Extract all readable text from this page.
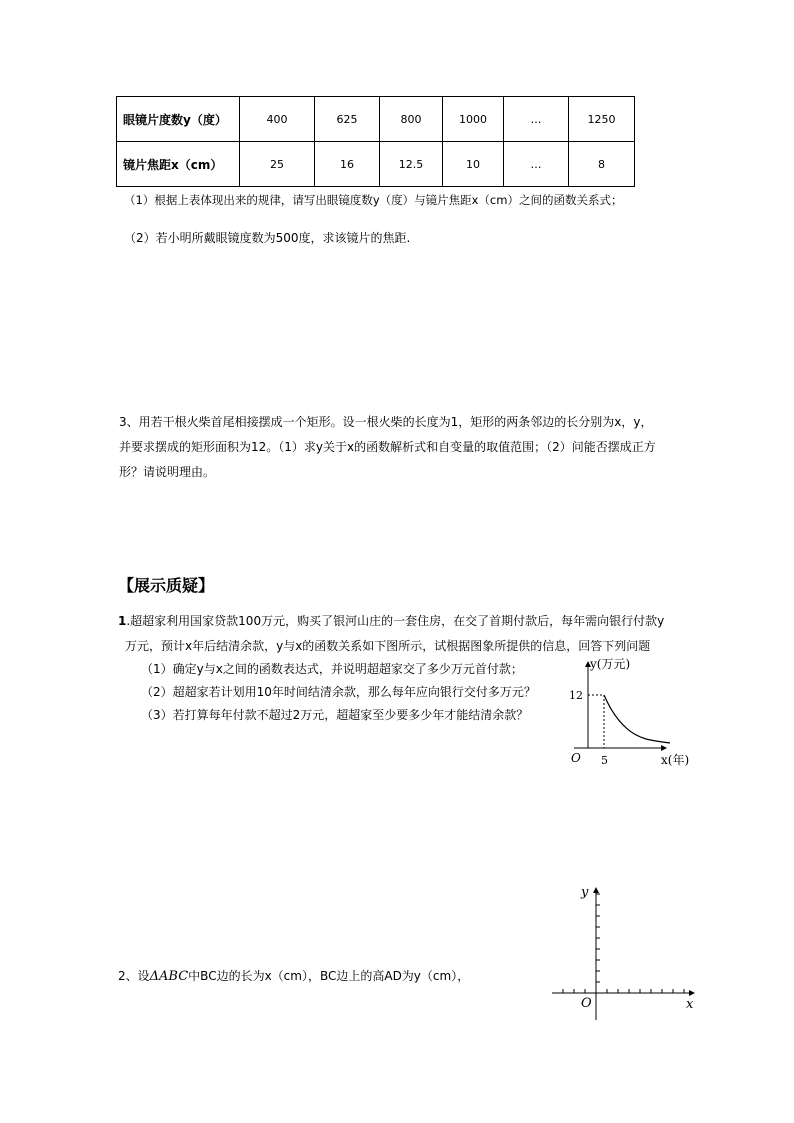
眼镜片度数y（度）	400	625	800	1000	…	1250
镜片焦距x（cm）	25	16	12.5	10	…	8
（1）根据上表体现出来的规律，请写出眼镜度数y（度）与镜片焦距x（cm）之间的函数关系式；
（2）若小明所戴眼镜度数为500度，求该镜片的焦距.
3、用若干根火柴首尾相接摆成一个矩形。设一根火柴的长度为1，矩形的两条邻边的长分别为x，y，
并要求摆成的矩形面积为12。（1）求y关于x的函数解析式和自变量的取值范围；（2）问能否摆成正方
形？请说明理由。
【展示质疑】
1.超超家利用国家贷款100万元，购买了银河山庄的一套住房，在交了首期付款后，每年需向银行付款y
万元，预计x年后结清余款，y与x的函数关系如下图所示，试根据图象所提供的信息，回答下列问题
（1）确定y与x之间的函数表达式，并说明超超家交了多少万元首付款；
（2）超超家若计划用10年时间结清余款，那么每年应向银行交付多万元？
（3）若打算每年付款不超过2万元，超超家至少要多少年才能结清余款？
y(万元)
12
O 5	x(年)
2、设ΔABC中BC边的长为x（cm），BC边上的高AD为y（cm），
y
x
O
